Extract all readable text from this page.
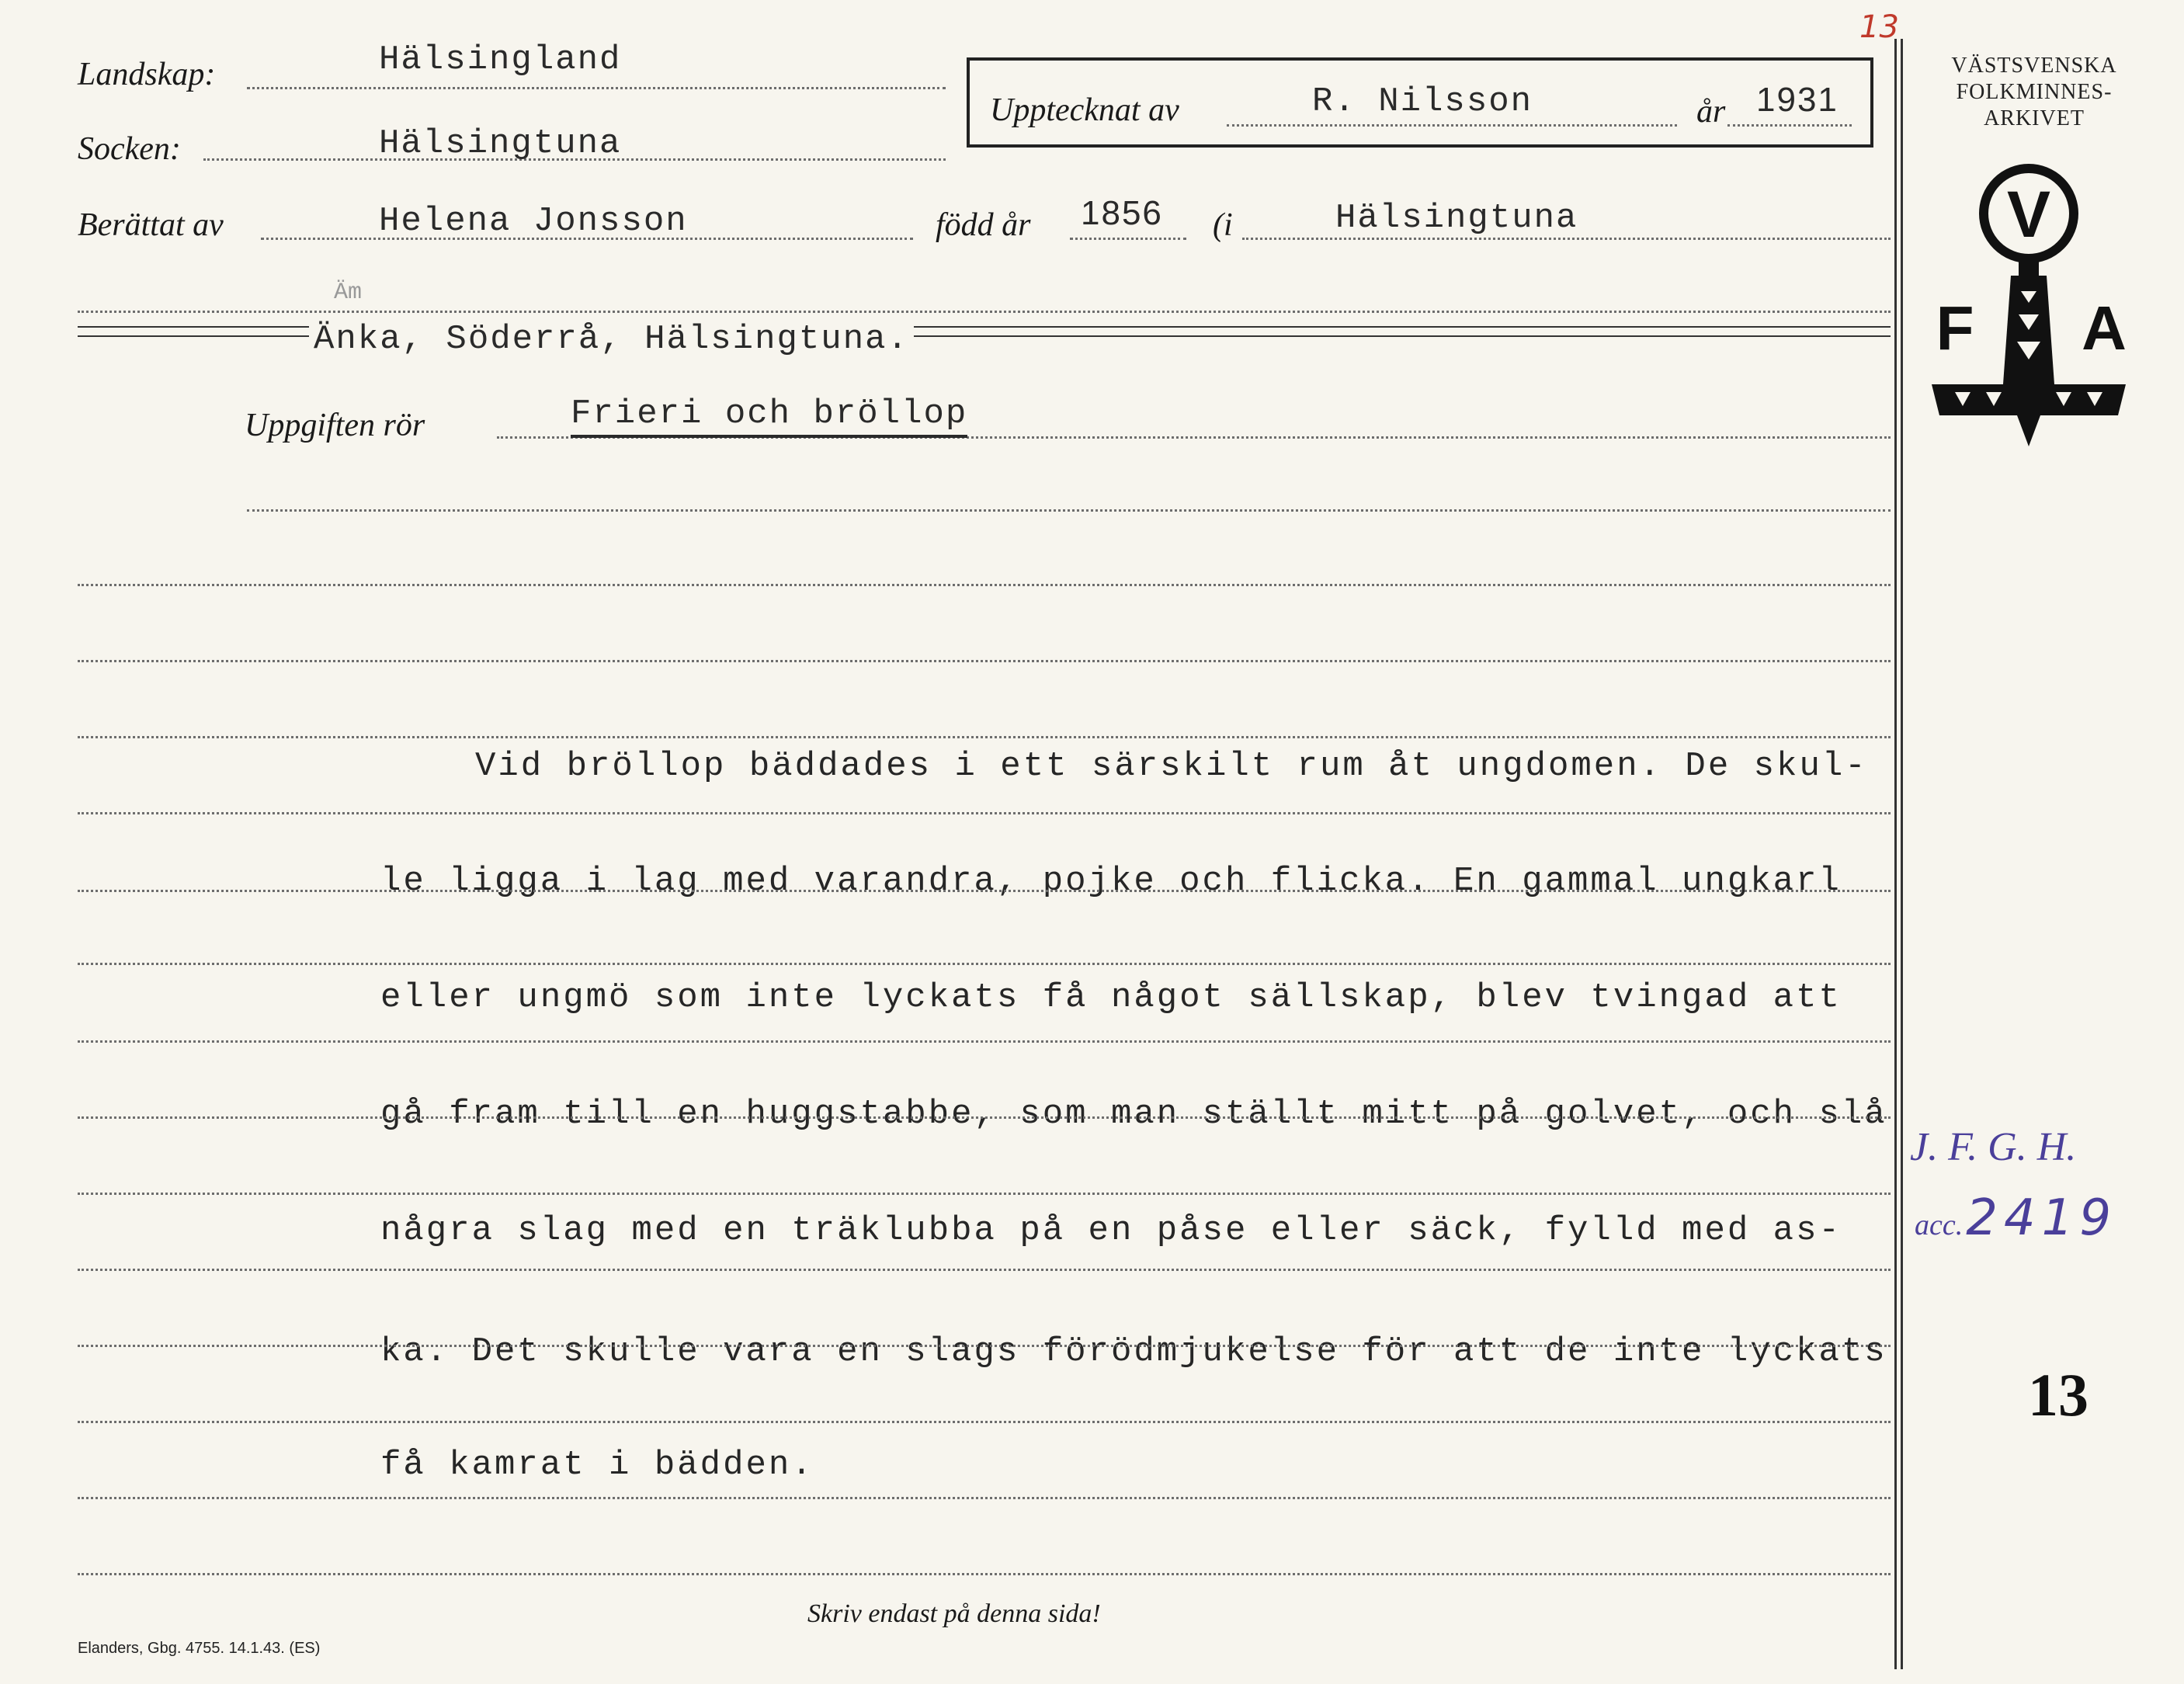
Landskap:	Hälsingland
Socken:	Hälsingtuna
Upptecknat av	R. Nilsson	år 1931
Berättat av	Helena Jonsson	född år 1856 (i	Hälsingtuna
Äm
Änka, Söderrå, Hälsingtuna.
Uppgiften rör	Frieri och bröllop
Vid bröllop bäddades i ett särskilt rum åt ungdomen. De skul-
le ligga i lag med varandra, pojke och flicka. En gammal ungkarl
eller ungmö som inte lyckats få något sällskap, blev tvingad att
gå fram till en huggstabbe, som man ställt mitt på golvet, och slå
några slag med en träklubba på en påse eller säck, fylld med as-
ka. Det skulle vara en slags förödmjukelse för att de inte lyckats
få kamrat i bädden.
Skriv endast på denna sida!
Elanders, Gbg. 4755. 14.1.43. (ES)
13
VÄSTSVENSKA
FOLKMINNES-
ARKIVET
V
F A
J. F. G. H.
acc. 2419
13
